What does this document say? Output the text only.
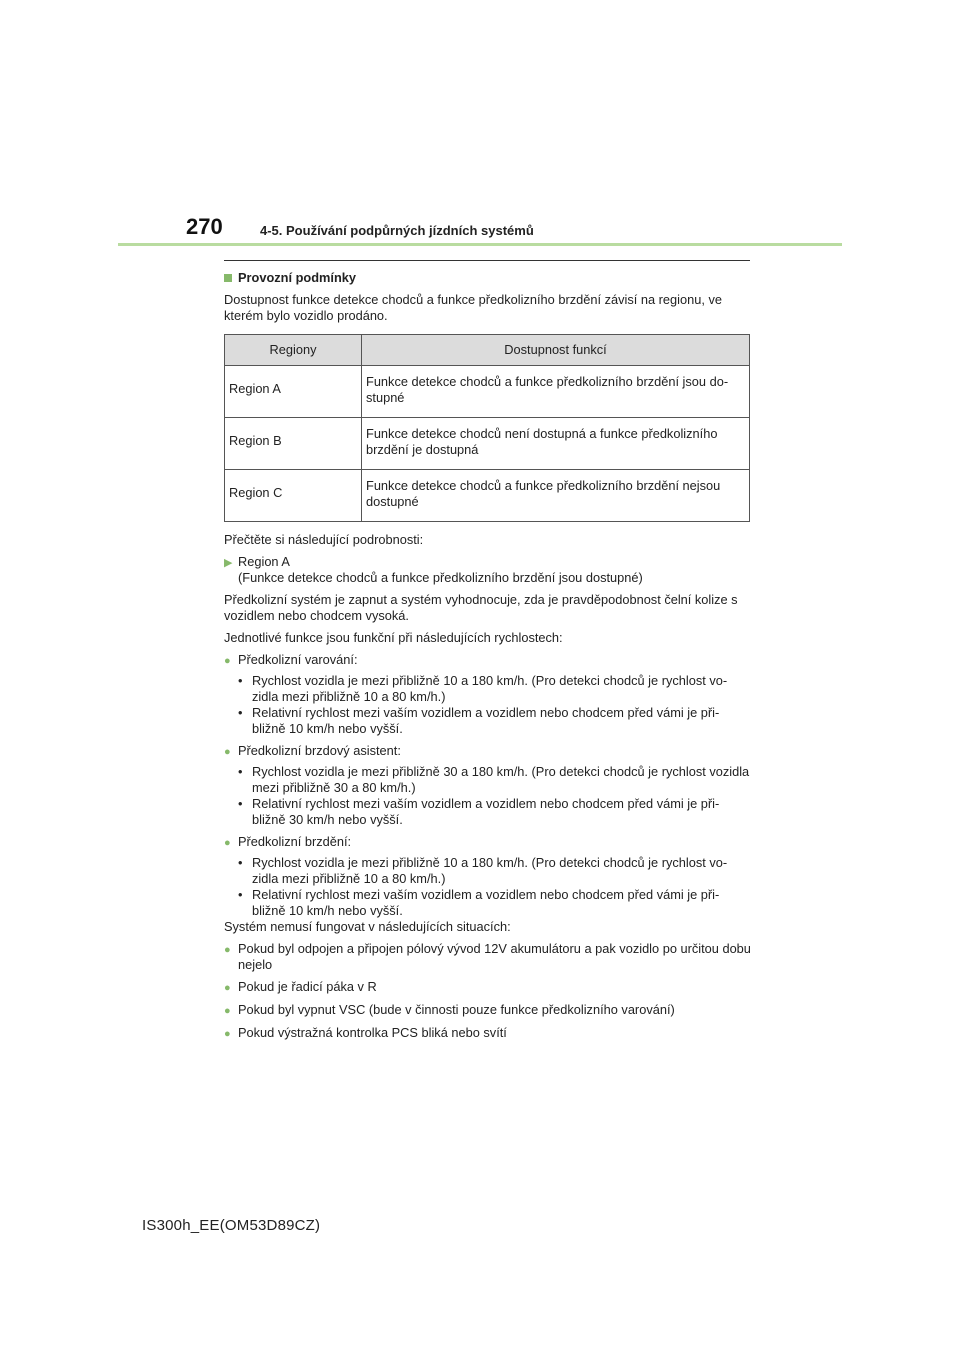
270	4-5. Používání podpůrných jízdních systémů

Provozní podmínky

Dostupnost funkce detekce chodců a funkce předkolizního brzdění závisí na regionu, ve kterém bylo vozidlo prodáno.

Regiony	Dostupnost funkcí
Region A	Funkce detekce chodců a funkce předkolizního brzdění jsou do-stupné
Region B	Funkce detekce chodců není dostupná a funkce předkolizního brzdění je dostupná
Region C	Funkce detekce chodců a funkce předkolizního brzdění nejsou dostupné

Přečtěte si následující podrobnosti:

▶ Region A
(Funkce detekce chodců a funkce předkolizního brzdění jsou dostupné)

Předkolizní systém je zapnut a systém vyhodnocuje, zda je pravděpodobnost čelní kolize s vozidlem nebo chodcem vysoká.

Jednotlivé funkce jsou funkční při následujících rychlostech:

● Předkolizní varování:
• Rychlost vozidla je mezi přibližně 10 a 180 km/h. (Pro detekci chodců je rychlost vo-zidla mezi přibližně 10 a 80 km/h.)
• Relativní rychlost mezi vaším vozidlem a vozidlem nebo chodcem před vámi je při-bližně 10 km/h nebo vyšší.
● Předkolizní brzdový asistent:
• Rychlost vozidla je mezi přibližně 30 a 180 km/h. (Pro detekci chodců je rychlost vozidla mezi přibližně 30 a 80 km/h.)
• Relativní rychlost mezi vaším vozidlem a vozidlem nebo chodcem před vámi je při-bližně 30 km/h nebo vyšší.
● Předkolizní brzdění:
• Rychlost vozidla je mezi přibližně 10 a 180 km/h. (Pro detekci chodců je rychlost vo-zidla mezi přibližně 10 a 80 km/h.)
• Relativní rychlost mezi vaším vozidlem a vozidlem nebo chodcem před vámi je při-bližně 10 km/h nebo vyšší.

Systém nemusí fungovat v následujících situacích:

● Pokud byl odpojen a připojen pólový vývod 12V akumulátoru a pak vozidlo po určitou dobu nejelo
● Pokud je řadicí páka v R
● Pokud byl vypnut VSC (bude v činnosti pouze funkce předkolizního varování)
● Pokud výstražná kontrolka PCS bliká nebo svítí
IS300h_EE(OM53D89CZ)
